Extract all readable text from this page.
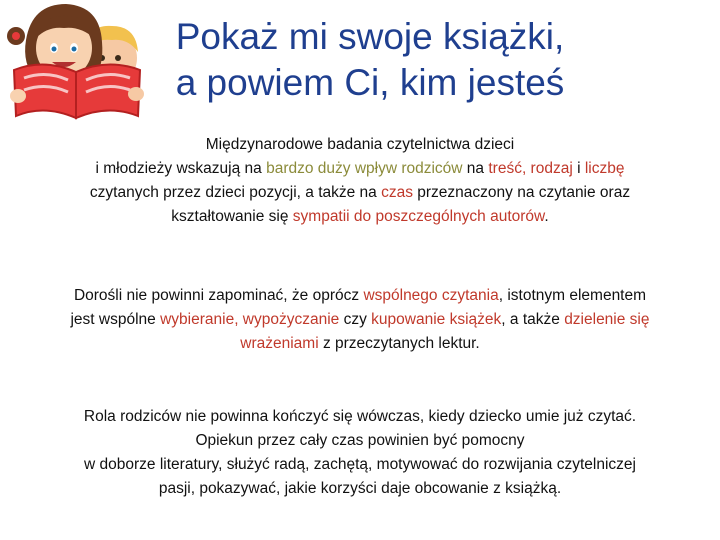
Pokaż mi swoje książki,
a powiem Ci, kim jesteś
Międzynarodowe badania czytelnictwa dzieci
i młodzieży wskazują na bardzo duży wpływ rodziców na treść, rodzaj i liczbę
czytanych przez dzieci pozycji, a także na czas przeznaczony na czytanie oraz
kształtowanie się sympatii do poszczególnych autorów.
Dorośli nie powinni zapominać, że oprócz wspólnego czytania, istotnym elementem
jest wspólne wybieranie, wypożyczanie czy kupowanie książek, a także dzielenie się
wrażeniami z przeczytanych lektur.
Rola rodziców nie powinna kończyć się wówczas, kiedy dziecko umie już czytać.
Opiekun przez cały czas powinien być pomocny
w doborze literatury, służyć radą, zachętą, motywować do rozwijania czytelniczej
pasji, pokazywać, jakie korzyści daje obcowanie z książką.
